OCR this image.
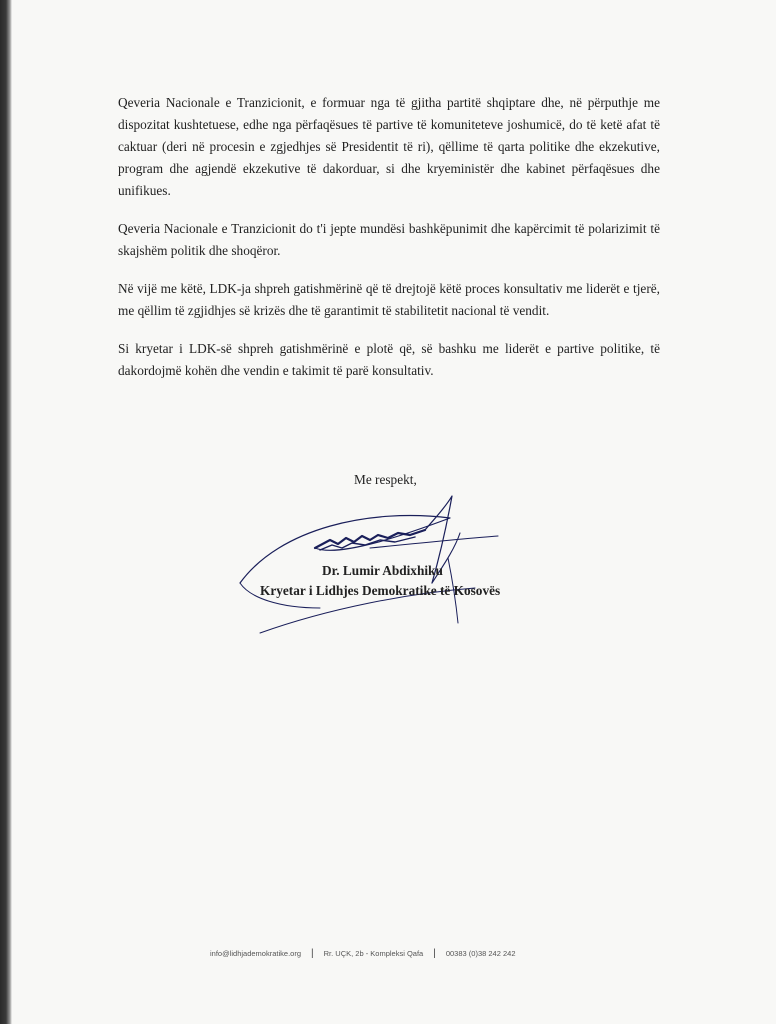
Qeveria Nacionale e Tranzicionit, e formuar nga të gjitha partitë shqiptare dhe, në përputhje me dispozitat kushtetuese, edhe nga përfaqësues të partive të komuniteteve joshumicë, do të ketë afat të caktuar (deri në procesin e zgjedhjes së Presidentit të ri), qëllime të qarta politike dhe ekzekutive, program dhe agjendë ekzekutive të dakorduar, si dhe kryeministër dhe kabinet përfaqësues dhe unifikues.

Qeveria Nacionale e Tranzicionit do t'i jepte mundësi bashkëpunimit dhe kapërcimit të polarizimit të skajshëm politik dhe shoqëror.

Në vijë me këtë, LDK-ja shpreh gatishmërinë që të drejtojë këtë proces konsultativ me liderët e tjerë, me qëllim të zgjidhjes së krizës dhe të garantimit të stabilitetit nacional të vendit.

Si kryetar i LDK-së shpreh gatishmërinë e plotë që, së bashku me liderët e partive politike, të dakordojmë kohën dhe vendin e takimit të parë konsultativ.

Me respekt,
Dr. Lumir Abdixhiku
Kryetar i Lidhjes Demokratike të Kosovës
info@lidhjademokratike.org | Rr. UÇK, 2b - Kompleksi Qafa | 00383 (0)38 242 242
